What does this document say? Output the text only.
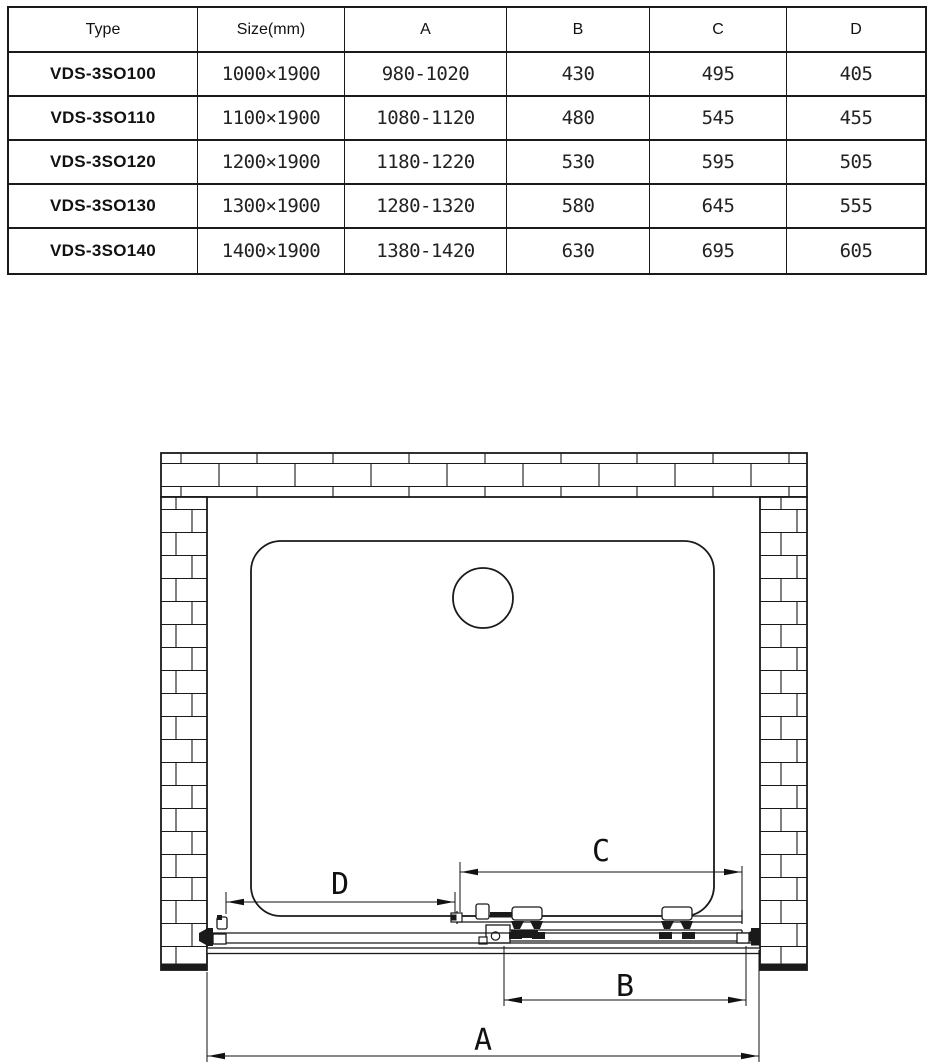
Type	Size(mm)	A	B	C	D
VDS-3SO100	1000×1900	980-1020	430	495	405
VDS-3SO110	1100×1900	1080-1120	480	545	455
VDS-3SO120	1200×1900	1180-1220	530	595	505
VDS-3SO130	1300×1900	1280-1320	580	645	555
VDS-3SO140	1400×1900	1380-1420	630	695	605
D
C
B
A
